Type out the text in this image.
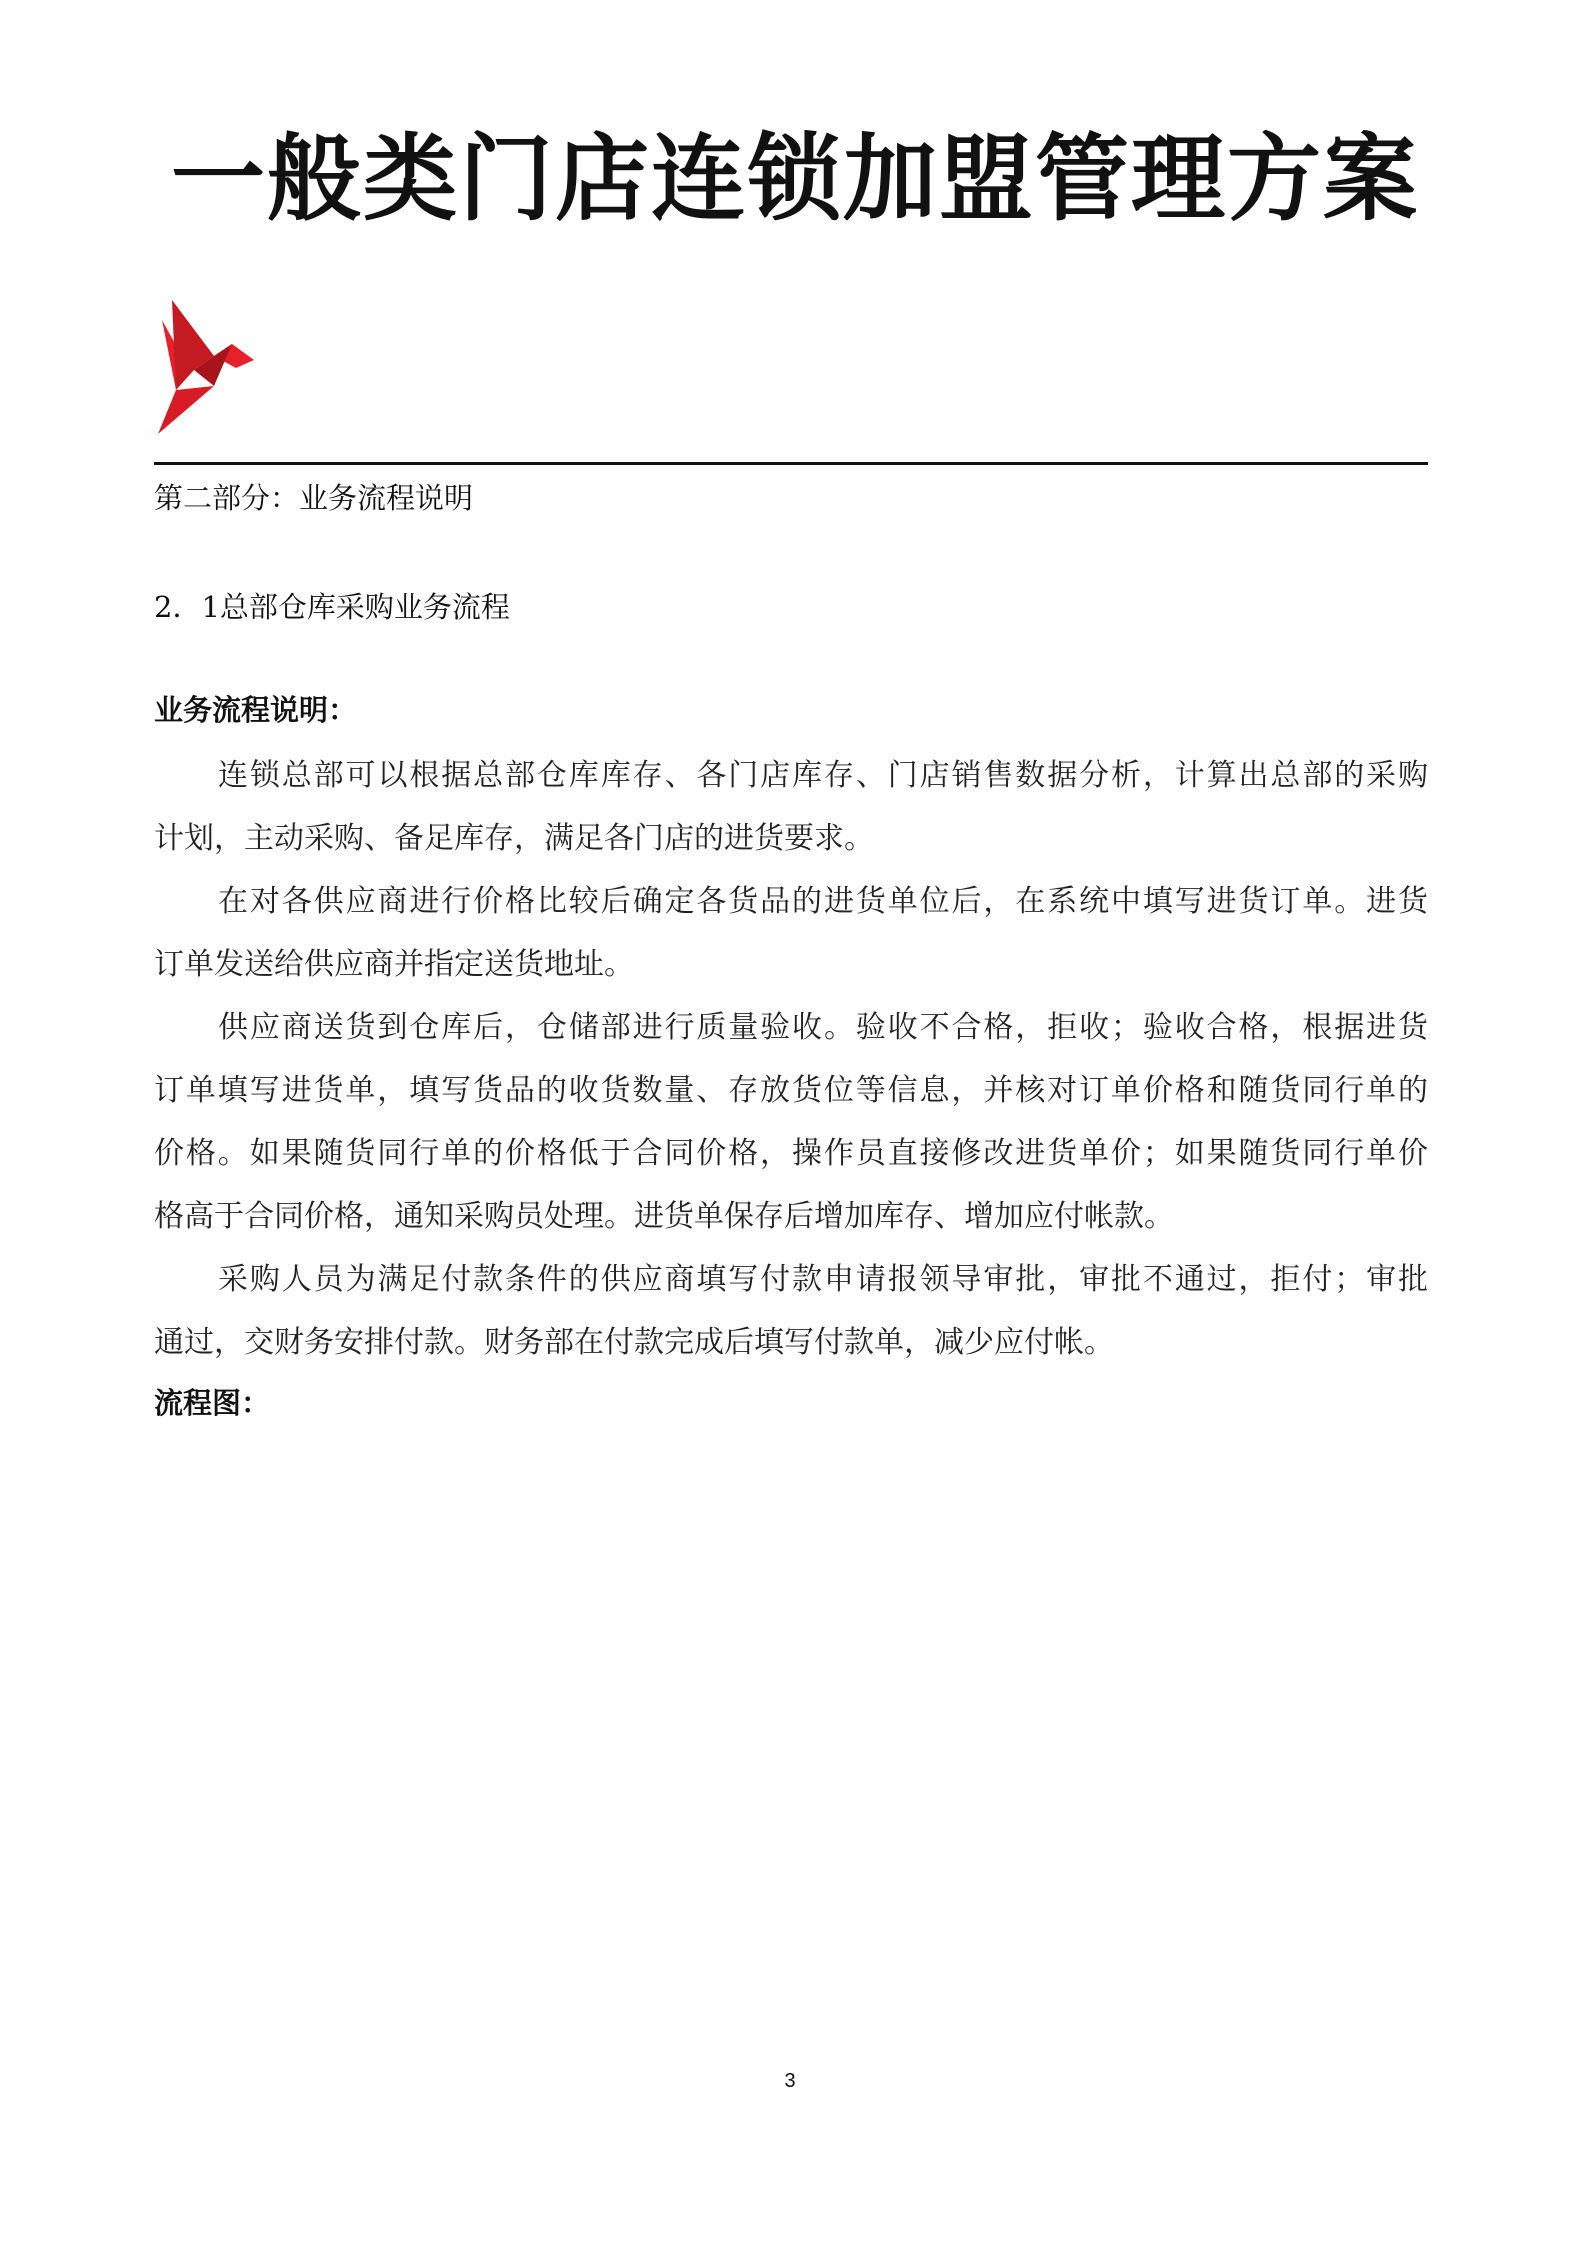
一般类门店连锁加盟管理方案
第二部分：业务流程说明
2．1总部仓库采购业务流程
业务流程说明：
连锁总部可以根据总部仓库库存、各门店库存、门店销售数据分析，计算出总部的采购
计划，主动采购、备足库存，满足各门店的进货要求。
在对各供应商进行价格比较后确定各货品的进货单位后，在系统中填写进货订单。进货
订单发送给供应商并指定送货地址。
供应商送货到仓库后，仓储部进行质量验收。验收不合格，拒收；验收合格，根据进货
订单填写进货单，填写货品的收货数量、存放货位等信息，并核对订单价格和随货同行单的
价格。如果随货同行单的价格低于合同价格，操作员直接修改进货单价；如果随货同行单价
格高于合同价格，通知采购员处理。进货单保存后增加库存、增加应付帐款。
采购人员为满足付款条件的供应商填写付款申请报领导审批，审批不通过，拒付；审批
通过，交财务安排付款。财务部在付款完成后填写付款单，减少应付帐。
流程图：
3
